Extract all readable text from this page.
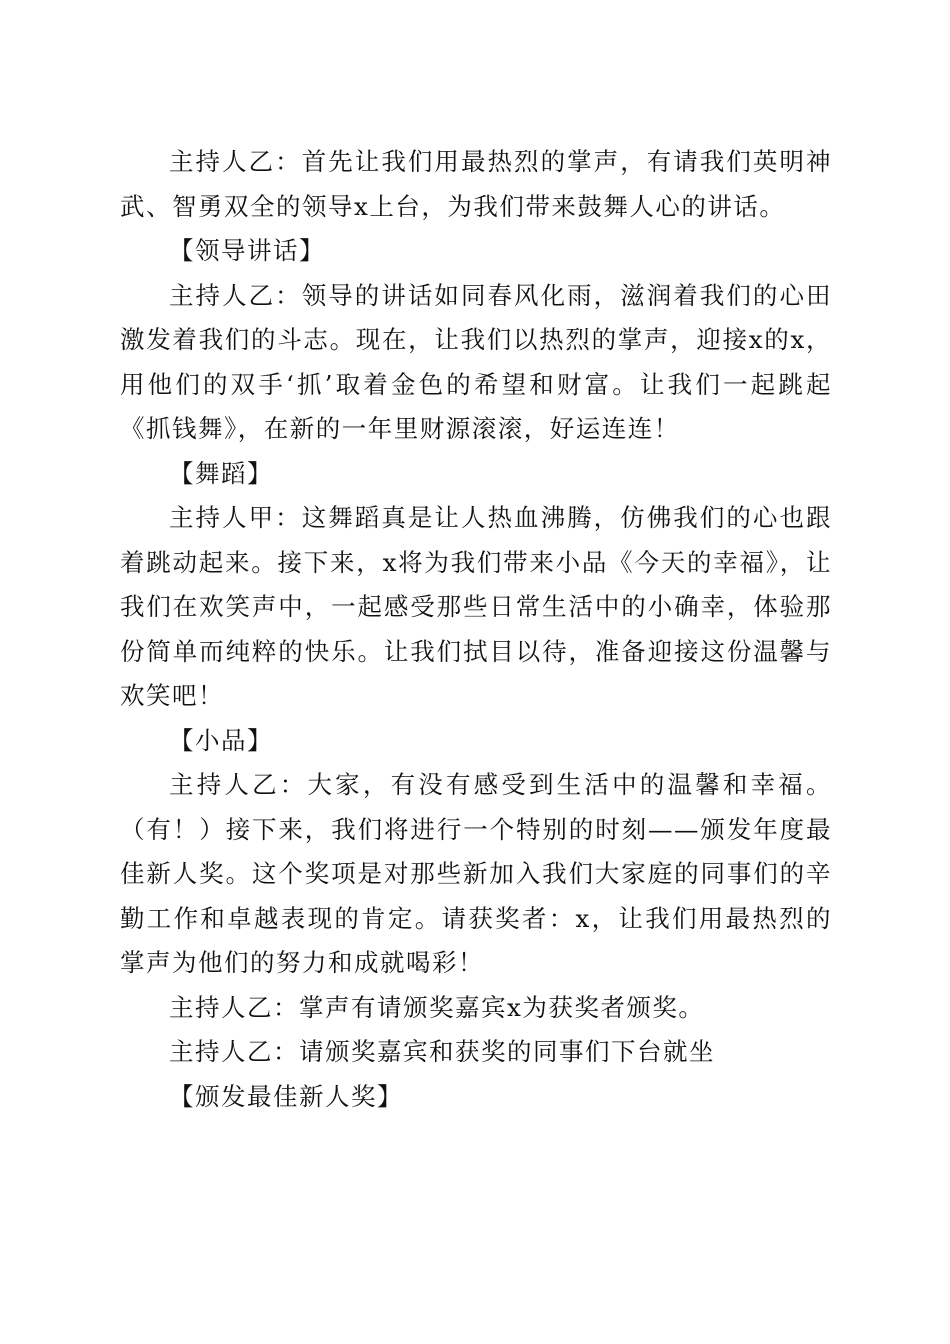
主持人乙：首先让我们用最热烈的掌声，有请我们英明神武、智勇双全的领导x上台，为我们带来鼓舞人心的讲话。

【领导讲话】

主持人乙：领导的讲话如同春风化雨，滋润着我们的心田激发着我们的斗志。现在，让我们以热烈的掌声，迎接x的x，用他们的双手‘抓’取着金色的希望和财富。让我们一起跳起《抓钱舞》，在新的一年里财源滚滚，好运连连！

【舞蹈】

主持人甲：这舞蹈真是让人热血沸腾，仿佛我们的心也跟着跳动起来。接下来，x将为我们带来小品《今天的幸福》，让我们在欢笑声中，一起感受那些日常生活中的小确幸，体验那份简单而纯粹的快乐。让我们拭目以待，准备迎接这份温馨与欢笑吧！

【小品】

主持人乙：大家，有没有感受到生活中的温馨和幸福。（有！）接下来，我们将进行一个特别的时刻——颁发年度最佳新人奖。这个奖项是对那些新加入我们大家庭的同事们的辛勤工作和卓越表现的肯定。请获奖者：x，让我们用最热烈的掌声为他们的努力和成就喝彩！

主持人乙：掌声有请颁奖嘉宾x为获奖者颁奖。

主持人乙：请颁奖嘉宾和获奖的同事们下台就坐

【颁发最佳新人奖】
